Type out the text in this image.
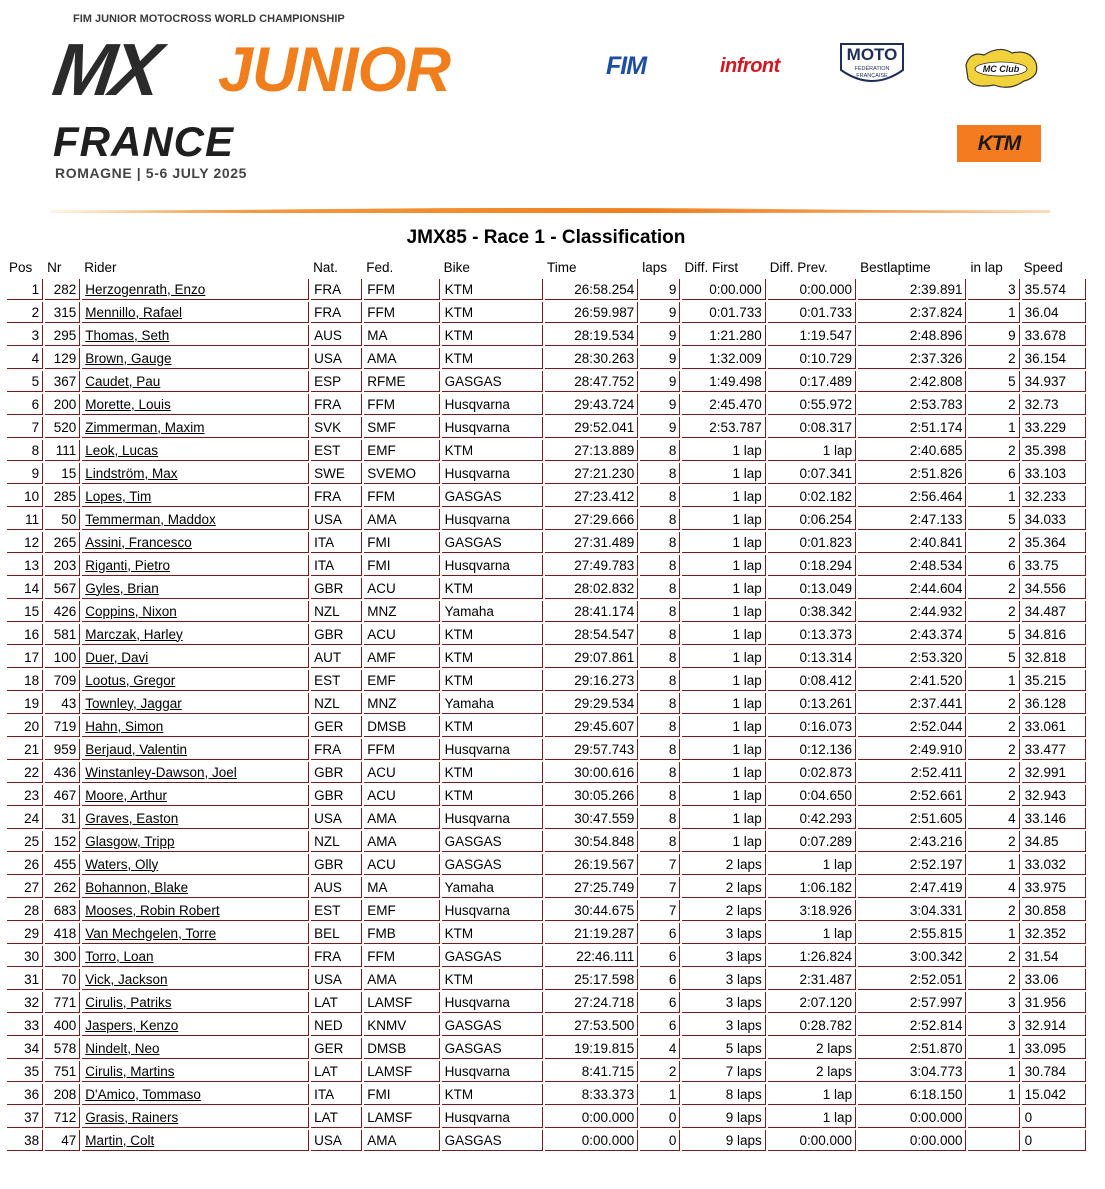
FIM JUNIOR MOTOCROSS WORLD CHAMPIONSHIP
MX JUNIOR
FRANCE
ROMAGNE | 5-6 JULY 2025
FIM	infront
MOTO
FÉDÉRATION
FRANÇAISE
MC Club
KTM
JMX85 - Race 1 - Classification
Pos	Nr	Rider	Nat.	Fed.	Bike	Time	laps	Diff. First	Diff. Prev.	Bestlaptime	in lap	Speed
1	282	Herzogenrath, Enzo	FRA	FFM	KTM	26:58.254	9	0:00.000	0:00.000	2:39.891	3	35.574
2	315	Mennillo, Rafael	FRA	FFM	KTM	26:59.987	9	0:01.733	0:01.733	2:37.824	1	36.04
3	295	Thomas, Seth	AUS	MA	KTM	28:19.534	9	1:21.280	1:19.547	2:48.896	9	33.678
4	129	Brown, Gauge	USA	AMA	KTM	28:30.263	9	1:32.009	0:10.729	2:37.326	2	36.154
5	367	Caudet, Pau	ESP	RFME	GASGAS	28:47.752	9	1:49.498	0:17.489	2:42.808	5	34.937
6	200	Morette, Louis	FRA	FFM	Husqvarna	29:43.724	9	2:45.470	0:55.972	2:53.783	2	32.73
7	520	Zimmerman, Maxim	SVK	SMF	Husqvarna	29:52.041	9	2:53.787	0:08.317	2:51.174	1	33.229
8	111	Leok, Lucas	EST	EMF	KTM	27:13.889	8	1 lap	1 lap	2:40.685	2	35.398
9	15	Lindström, Max	SWE	SVEMO	Husqvarna	27:21.230	8	1 lap	0:07.341	2:51.826	6	33.103
10	285	Lopes, Tim	FRA	FFM	GASGAS	27:23.412	8	1 lap	0:02.182	2:56.464	1	32.233
11	50	Temmerman, Maddox	USA	AMA	Husqvarna	27:29.666	8	1 lap	0:06.254	2:47.133	5	34.033
12	265	Assini, Francesco	ITA	FMI	GASGAS	27:31.489	8	1 lap	0:01.823	2:40.841	2	35.364
13	203	Riganti, Pietro	ITA	FMI	Husqvarna	27:49.783	8	1 lap	0:18.294	2:48.534	6	33.75
14	567	Gyles, Brian	GBR	ACU	KTM	28:02.832	8	1 lap	0:13.049	2:44.604	2	34.556
15	426	Coppins, Nixon	NZL	MNZ	Yamaha	28:41.174	8	1 lap	0:38.342	2:44.932	2	34.487
16	581	Marczak, Harley	GBR	ACU	KTM	28:54.547	8	1 lap	0:13.373	2:43.374	5	34.816
17	100	Duer, Davi	AUT	AMF	KTM	29:07.861	8	1 lap	0:13.314	2:53.320	5	32.818
18	709	Lootus, Gregor	EST	EMF	KTM	29:16.273	8	1 lap	0:08.412	2:41.520	1	35.215
19	43	Townley, Jaggar	NZL	MNZ	Yamaha	29:29.534	8	1 lap	0:13.261	2:37.441	2	36.128
20	719	Hahn, Simon	GER	DMSB	KTM	29:45.607	8	1 lap	0:16.073	2:52.044	2	33.061
21	959	Berjaud, Valentin	FRA	FFM	Husqvarna	29:57.743	8	1 lap	0:12.136	2:49.910	2	33.477
22	436	Winstanley-Dawson, Joel	GBR	ACU	KTM	30:00.616	8	1 lap	0:02.873	2:52.411	2	32.991
23	467	Moore, Arthur	GBR	ACU	KTM	30:05.266	8	1 lap	0:04.650	2:52.661	2	32.943
24	31	Graves, Easton	USA	AMA	Husqvarna	30:47.559	8	1 lap	0:42.293	2:51.605	4	33.146
25	152	Glasgow, Tripp	NZL	AMA	GASGAS	30:54.848	8	1 lap	0:07.289	2:43.216	2	34.85
26	455	Waters, Olly	GBR	ACU	GASGAS	26:19.567	7	2 laps	1 lap	2:52.197	1	33.032
27	262	Bohannon, Blake	AUS	MA	Yamaha	27:25.749	7	2 laps	1:06.182	2:47.419	4	33.975
28	683	Mooses, Robin Robert	EST	EMF	Husqvarna	30:44.675	7	2 laps	3:18.926	3:04.331	2	30.858
29	418	Van Mechgelen, Torre	BEL	FMB	KTM	21:19.287	6	3 laps	1 lap	2:55.815	1	32.352
30	300	Torro, Loan	FRA	FFM	GASGAS	22:46.111	6	3 laps	1:26.824	3:00.342	2	31.54
31	70	Vick, Jackson	USA	AMA	KTM	25:17.598	6	3 laps	2:31.487	2:52.051	2	33.06
32	771	Cirulis, Patriks	LAT	LAMSF	Husqvarna	27:24.718	6	3 laps	2:07.120	2:57.997	3	31.956
33	400	Jaspers, Kenzo	NED	KNMV	GASGAS	27:53.500	6	3 laps	0:28.782	2:52.814	3	32.914
34	578	Nindelt, Neo	GER	DMSB	GASGAS	19:19.815	4	5 laps	2 laps	2:51.870	1	33.095
35	751	Cirulis, Martins	LAT	LAMSF	Husqvarna	8:41.715	2	7 laps	2 laps	3:04.773	1	30.784
36	208	D'Amico, Tommaso	ITA	FMI	KTM	8:33.373	1	8 laps	1 lap	6:18.150	1	15.042
37	712	Grasis, Rainers	LAT	LAMSF	Husqvarna	0:00.000	0	9 laps	1 lap	0:00.000		0
38	47	Martin, Colt	USA	AMA	GASGAS	0:00.000	0	9 laps	0:00.000	0:00.000		0
